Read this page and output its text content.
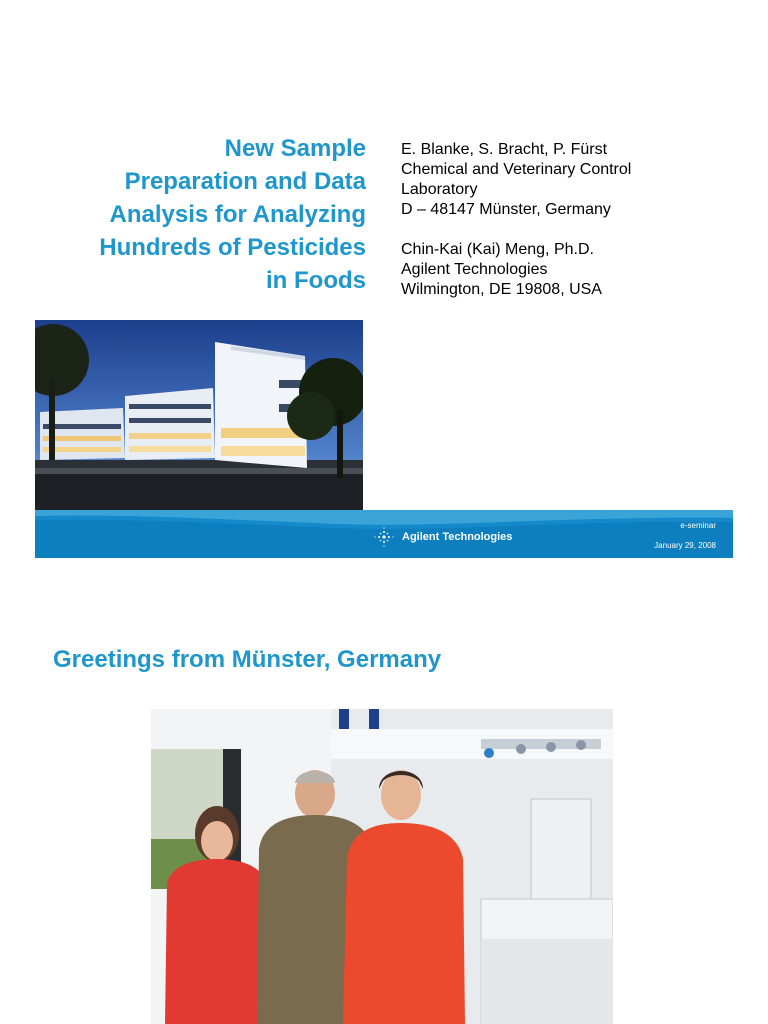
New Sample
Preparation and Data
Analysis for Analyzing
Hundreds of Pesticides
in Foods
E. Blanke, S. Bracht, P. Fürst
Chemical and Veterinary Control
Laboratory
D – 48147 Münster, Germany
Chin-Kai (Kai) Meng, Ph.D.
Agilent Technologies
Wilmington, DE 19808, USA
Agilent Technologies
e-seminar
January 29, 2008
Greetings from Münster, Germany
